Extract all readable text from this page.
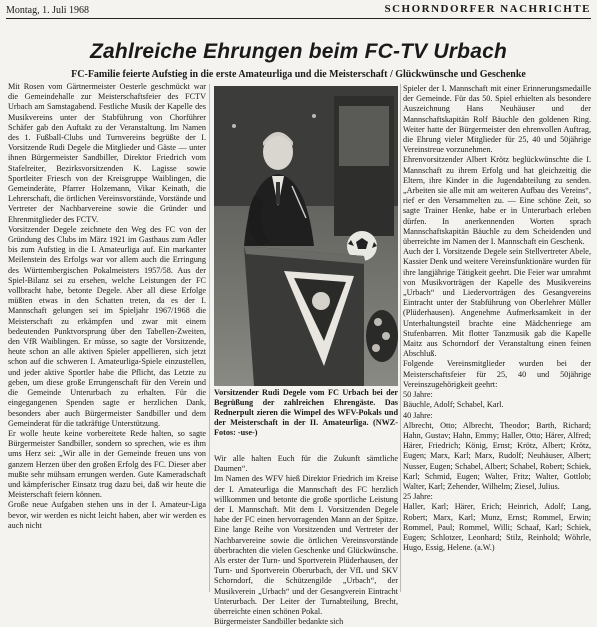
Montag, 1. Juli 1968	SCHORNDORFER NACHRICHTE
Zahlreiche Ehrungen beim FC-TV Urbach
FC-Familie feierte Aufstieg in die erste Amateurliga und die Meisterschaft / Glückwünsche und Geschenke
Mit Rosen vom Gärtnermeister Oesterle geschmückt war die Gemeindehalle zur Meisterschaftsfeier des FCTV Urbach am Samstagabend. Festliche Musik der Kapelle des Musikvereins unter der Stabführung von Chorführer Schäfer gab den Auftakt zu der Veranstaltung. Im Namen des 1. Fußball-Clubs und Turnvereins begrüßte der I. Vorsitzende Rudi Degele die Mitglieder und Gäste — unter ihnen Bürgermeister Sandbiller, Direktor Friedrich vom Stafelreiter, Bezirksvorsitzenden K. Lagisse sowie Sportleiter Friesch von der Kreisgruppe Waiblingen, die Gemeinderäte, Pfarrer Holzemann, Vikar Keinath, die Lehrerschaft, die örtlichen Vereinsvorstände, Vorstände und Vertreter der Nachbarvereine sowie die Gründer und Ehrenmitglieder des FCTV.
Vorsitzender Degele zeichnete den Weg des FC von der Gründung des Clubs im März 1921 im Gasthaus zum Adler bis zum Aufstieg in die I. Amateurliga auf. Ein markanter Meilenstein des Erfolgs war vor allem auch die Erringung des Württembergischen Pokalmeisters 1957/58. Aus der Spiel-Bilanz sei zu ersehen, welche Leistungen der FC vollbracht habe, betonte Degele. Aber all diese Erfolge müßten etwas in den Schatten treten, da es der I. Mannschaft gelungen sei im Spieljahr 1967/1968 die Meisterschaft zu erkämpfen und zwar mit einem bedeutenden Punktvorsprung über den Tabellen-Zweiten, den VfR Waiblingen. Er müsse, so sagte der Vorsitzende, heute schon an alle aktiven Spieler appellieren, sich jetzt schon auf die schweren I. Amateurliga-Spiele einzustellen, und jeder aktive Sportler habe die Pflicht, das Letzte zu geben, um diese große Errungenschaft für den Verein und die Gemeinde Unterurbach zu erhalten. Für die eingegangenen Spenden sagte er herzlichen Dank, besonders aber auch Bürgermeister Sandbiller und dem Gemeinderat für die tatkräftige Unterstützung.
Er wolle heute keine vorbereitete Rede halten, so sagte Bürgermeister Sandbiller, sondern so sprechen, wie es ihm ums Herz sei: „Wir alle in der Gemeinde freuen uns von ganzem Herzen über den großen Erfolg des FC. Dieser aber mußte sehr mühsam errungen werden. Gute Kameradschaft und kämpferischer Einsatz trug dazu bei, daß wir heute die Meisterschaft feiern können.
Große neue Aufgaben stehen uns in der I. Amateur-Liga bevor, wir werden es nicht leicht haben, aber wir werden es auch nicht
Vorsitzender Rudi Degele vom FC Urbach bei der Begrüßung der zahlreichen Ehrengäste. Das Rednerpult zieren die Wimpel des WFV-Pokals und der Meisterschaft in der II. Amateurliga. (NWZ-Fotos: -use-)
Wir alle halten Euch für die Zukunft sämtliche Daumen“.
Im Namen des WFV hieß Direktor Friedrich im Kreise der I. Amateurliga die Mannschaft des FC herzlich willkommen und betonte die große sportliche Leistung der I. Mannschaft. Mit dem I. Vorsitzenden Degele habe der FC einen hervorragenden Mann an der Spitze. Eine lange Reihe von Vorsitzenden und Vertreter der Nachbarvereine sowie die örtlichen Vereinsvorstände überbrachten die vielen Geschenke und Glückwünsche. Als erster der Turn- und Sportverein Plüderhausen, der Turn- und Sportverein Oberurbach, der VfL und SKV Schorndorf, die Schützengilde „Urbach“, der Musikverein „Urbach“ und der Gesangverein Eintracht Unterurbach. Der Leiter der Turnabteilung, Brecht, überreichte einen schönen Pokal.
Bürgermeister Sandbiller bedankte sich
Spieler der I. Mannschaft mit einer Erinnerungsmedaille der Gemeinde. Für das 50. Spiel erhielten als besondere Auszeichnung Hans Neuhäuser und der Mannschaftskapitän Rolf Bäuchle den goldenen Ring. Weiter hatte der Bürgermeister den ehrenvollen Auftrag, die Ehrung vieler Mitglieder für 25, 40 und 50jährige Vereinstreue vorzunehmen.
Ehrenvorsitzender Albert Krötz beglückwünschte die I. Mannschaft zu ihrem Erfolg und hat gleichzeitig die Eltern, ihre Kinder in die Jugendabteilung zu senden. „Arbeiten sie alle mit am weiteren Aufbau des Vereins“, rief er den Versammelten zu. — Eine schöne Zeit, so sagte Trainer Henke, habe er in Unterurbach erleben dürfen. In anerkennenden Worten sprach Mannschaftskapitän Bäuchle zu dem Scheidenden und überreichte im Namen der I. Mannschaft ein Geschenk.
Auch der I. Vorsitzende Degele sein Stellvertreter Abele, Kassier Denk und weitere Vereinsfunktionäre wurden für ihre langjährige Tätigkeit geehrt. Die Feier war umrahmt von Musikvorträgen der Kapelle des Musikvereins „Urbach“ und Liedervorträgen des Gesangvereins Eintracht unter der Stabführung von Oberlehrer Müller (Plüderhausen). Angenehme Aufmerksamkeit in der Unterhaltungsteil brachte eine Mädchenriege am Stufenbarren. Mit flotter Tanzmusik gab die Kapelle Maitz aus Schorndorf der Veranstaltung einen feinen Abschluß.
Folgende Vereinsmitglieder wurden bei der Meisterschaftsfeier für 25, 40 und 50jährige Vereinszugehörigkeit geehrt:
50 Jahre:
Bäuchle, Adolf; Schabel, Karl.
40 Jahre:
Albrecht, Otto; Albrecht, Theodor; Barth, Richard; Hahn, Gustav; Hahn, Emmy; Haller, Otto; Härer, Alfred; Härer, Friedrich; König, Ernst; Krötz, Albert; Krötz, Eugen; Marx, Karl; Marx, Rudolf; Neuhäuser, Albert; Nusser, Eugen; Schabel, Albert; Schabel, Robert; Schiek, Karl; Schmid, Eugen; Walter, Fritz; Walter, Gottlob; Walter, Karl; Zehender, Wilhelm; Ziesel, Julius.
25 Jahre:
Haller, Karl; Härer, Erich; Heinrich, Adolf; Lang, Robert; Marx, Karl; Munz, Ernst; Rommel, Erwin; Rommel, Paul; Rommel, Willi; Schaaf, Karl; Schiek, Eugen; Schlotzer, Leonhard; Stilz, Reinhold; Wöhrle, Hugo, Essig, Helene. (a.W.)
